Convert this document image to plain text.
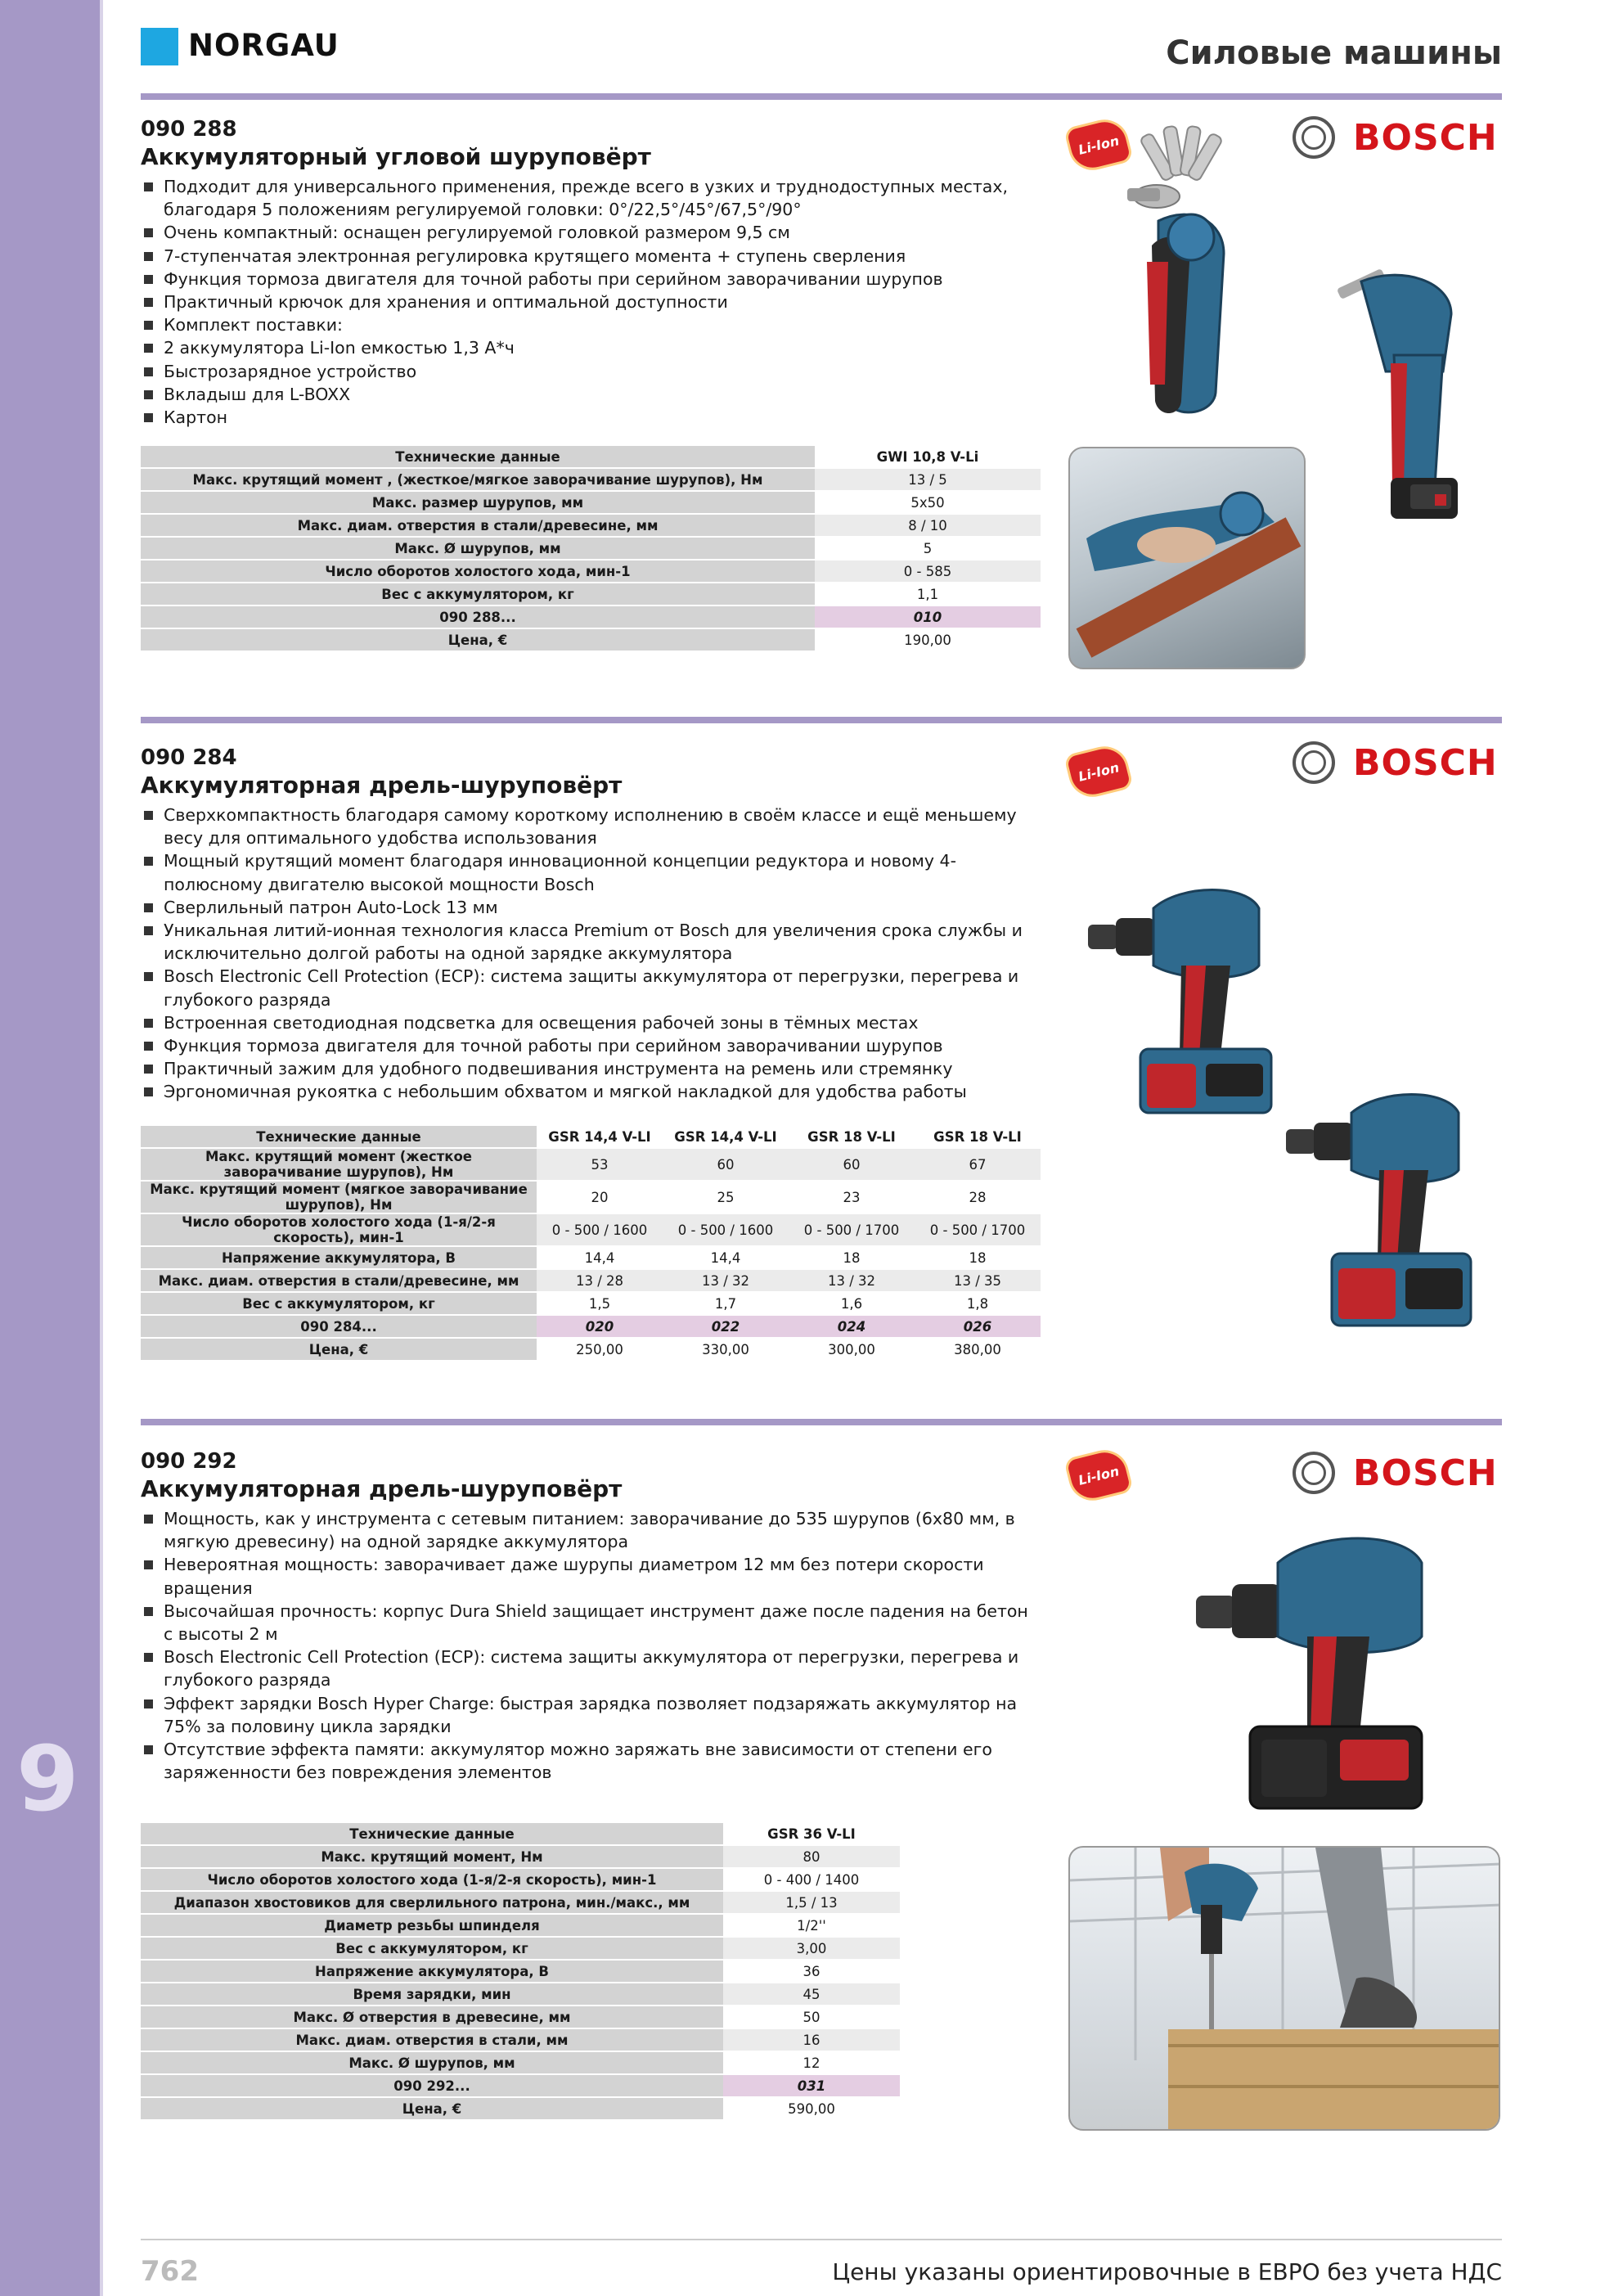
9
NORGAU	Силовые машины
090 288
Аккумуляторный угловой шуруповёрт
Подходит для универсального применения, прежде всего в узких и труднодоступных местах, благодаря 5 положениям регулируемой головки: 0°/22,5°/45°/67,5°/90°
Очень компактный: оснащен регулируемой головкой размером 9,5 см
7-ступенчатая электронная регулировка крутящего момента + ступень сверления
Функция тормоза двигателя для точной работы при серийном заворачивании шурупов
Практичный крючок для хранения и оптимальной доступности
Комплект поставки:
2 аккумулятора Li-Ion емкостью 1,3 А*ч
Быстрозарядное устройство
Вкладыш для L-BOXX
Картон
Технические данные	GWI 10,8 V-Li
Макс. крутящий момент , (жесткое/мягкое заворачивание шурупов), Нм	13 / 5
Макс. размер шурупов, мм	5x50
Макс. диам. отверстия в стали/древесине, мм	8 / 10
Макс. Ø шурупов, мм	5
Число оборотов холостого хода, мин-1	0 - 585
Вес с аккумулятором, кг	1,1
090 288...	010
Цена, €	190,00
Li-Ion	BOSCH
090 284
Аккумуляторная дрель-шуруповёрт
Сверхкомпактность благодаря самому короткому исполнению в своём классе и ещё меньшему весу для оптимального удобства использования
Мощный крутящий момент благодаря инновационной концепции редуктора и новому 4-полюсному двигателю высокой мощности Bosch
Сверлильный патрон Auto-Lock 13 мм
Уникальная литий-ионная технология класса Premium от Bosch для увеличения срока службы и исключительно долгой работы на одной зарядке аккумулятора
Bosch Electronic Cell Protection (ECP): система защиты аккумулятора от перегрузки, перегрева и глубокого разряда
Встроенная светодиодная подсветка для освещения рабочей зоны в тёмных местах
Функция тормоза двигателя для точной работы при серийном заворачивании шурупов
Практичный зажим для удобного подвешивания инструмента на ремень или стремянку
Эргономичная рукоятка с небольшим обхватом и мягкой накладкой для удобства работы
Технические данные	GSR 14,4 V-LI	GSR 14,4 V-LI	GSR 18 V-LI	GSR 18 V-LI
Макс. крутящий момент (жесткое заворачивание шурупов), Нм	53	60	60	67
Макс. крутящий момент (мягкое заворачивание шурупов), Нм	20	25	23	28
Число оборотов холостого хода (1-я/2-я скорость), мин-1	0 - 500 / 1600	0 - 500 / 1600	0 - 500 / 1700	0 - 500 / 1700
Напряжение аккумулятора, В	14,4	14,4	18	18
Макс. диам. отверстия в стали/древесине, мм	13 / 28	13 / 32	13 / 32	13 / 35
Вес с аккумулятором, кг	1,5	1,7	1,6	1,8
090 284...	020	022	024	026
Цена, €	250,00	330,00	300,00	380,00
Li-Ion	BOSCH
090 292
Аккумуляторная дрель-шуруповёрт
Мощность, как у инструмента с сетевым питанием: заворачивание до 535 шурупов (6х80 мм, в мягкую древесину) на одной зарядке аккумулятора
Невероятная мощность: заворачивает даже шурупы диаметром 12 мм без потери скорости вращения
Высочайшая прочность: корпус Dura Shield защищает инструмент даже после падения на бетон с высоты 2 м
Bosch Electronic Cell Protection (ECP): система защиты аккумулятора от перегрузки, перегрева и глубокого разряда
Эффект зарядки Bosch Hyper Charge: быстрая зарядка позволяет подзаряжать аккумулятор на 75% за половину цикла зарядки
Отсутствие эффекта памяти: аккумулятор можно заряжать вне зависимости от степени его заряженности без повреждения элементов
Технические данные	GSR 36 V-LI
Макс. крутящий момент, Нм	80
Число оборотов холостого хода (1-я/2-я скорость), мин-1	0 - 400 / 1400
Диапазон хвостовиков для сверлильного патрона, мин./макс., мм	1,5 / 13
Диаметр резьбы шпинделя	1/2''
Вес с аккумулятором, кг	3,00
Напряжение аккумулятора, В	36
Время зарядки, мин	45
Макс. Ø отверстия в древесине, мм	50
Макс. диам. отверстия в стали, мм	16
Макс. Ø шурупов, мм	12
090 292...	031
Цена, €	590,00
Li-Ion	BOSCH
762	Цены указаны ориентировочные в ЕВРО без учета НДС
